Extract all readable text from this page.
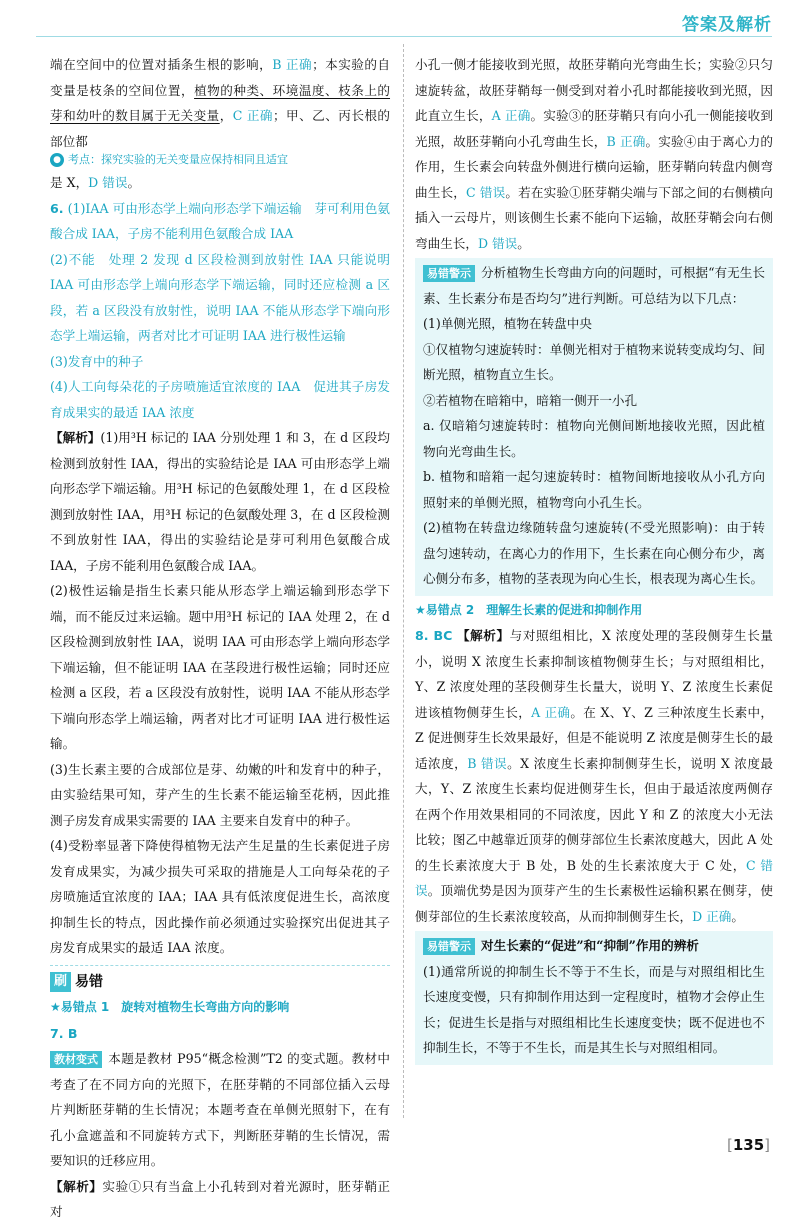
答案及解析

端在空间中的位置对插条生根的影响，B 正确；本实验的自变量是枝条的空间位置，植物的种类、环境温度、枝条上的芽和幼叶的数目属于无关变量，C 正确；甲、乙、丙长根的部位都

● 考点：探究实验的无关变量应保持相同且适宜

是 X，D 错误。

6. (1)IAA 可由形态学上端向形态学下端运输　芽可利用色氨酸合成 IAA，子房不能利用色氨酸合成 IAA

(2)不能　处理 2 发现 d 区段检测到放射性 IAA 只能说明 IAA 可由形态学上端向形态学下端运输，同时还应检测 a 区段，若 a 区段没有放射性，说明 IAA 不能从形态学下端向形态学上端运输，两者对比才可证明 IAA 进行极性运输

(3)发育中的种子

(4)人工向每朵花的子房喷施适宜浓度的 IAA　促进其子房发育成果实的最适 IAA 浓度

【解析】(1)用³H 标记的 IAA 分别处理 1 和 3，在 d 区段均检测到放射性 IAA，得出的实验结论是 IAA 可由形态学上端向形态学下端运输。用³H 标记的色氨酸处理 1，在 d 区段检测到放射性 IAA，用³H 标记的色氨酸处理 3，在 d 区段检测不到放射性 IAA，得出的实验结论是芽可利用色氨酸合成 IAA，子房不能利用色氨酸合成 IAA。

(2)极性运输是指生长素只能从形态学上端运输到形态学下端，而不能反过来运输。题中用³H 标记的 IAA 处理 2，在 d 区段检测到放射性 IAA，说明 IAA 可由形态学上端向形态学下端运输，但不能证明 IAA 在茎段进行极性运输；同时还应检测 a 区段，若 a 区段没有放射性，说明 IAA 不能从形态学下端向形态学上端运输，两者对比才可证明 IAA 进行极性运输。

(3)生长素主要的合成部位是芽、幼嫩的叶和发育中的种子，由实验结果可知，芽产生的生长素不能运输至花柄，因此推测子房发育成果实需要的 IAA 主要来自发育中的种子。

(4)受粉率显著下降使得植物无法产生足量的生长素促进子房发育成果实，为减少损失可采取的措施是人工向每朵花的子房喷施适宜浓度的 IAA；IAA 具有低浓度促进生长，高浓度抑制生长的特点，因此操作前必须通过实验探究出促进其子房发育成果实的最适 IAA 浓度。

刷 易错

★易错点 1　旋转对植物生长弯曲方向的影响

7. B

教材变式 本题是教材 P95“概念检测”T2 的变式题。教材中考查了在不同方向的光照下，在胚芽鞘的不同部位插入云母片判断胚芽鞘的生长情况；本题考查在单侧光照射下，在有孔小盒遮盖和不同旋转方式下，判断胚芽鞘的生长情况，需要知识的迁移应用。

【解析】实验①只有当盒上小孔转到对着光源时，胚芽鞘正对

小孔一侧才能接收到光照，故胚芽鞘向光弯曲生长；实验②只匀速旋转盆，故胚芽鞘每一侧受到对着小孔时都能接收到光照，因此直立生长，A 正确。实验③的胚芽鞘只有向小孔一侧能接收到光照，故胚芽鞘向小孔弯曲生长，B 正确。实验④由于离心力的作用，生长素会向转盘外侧进行横向运输，胚芽鞘向转盘内侧弯曲生长，C 错误。若在实验①胚芽鞘尖端与下部之间的右侧横向插入一云母片，则该侧生长素不能向下运输，故胚芽鞘会向右侧弯曲生长，D 错误。

易错警示 分析植物生长弯曲方向的问题时，可根据“有无生长素、生长素分布是否均匀”进行判断。可总结为以下几点：

(1)单侧光照，植物在转盘中央

①仅植物匀速旋转时：单侧光相对于植物来说转变成均匀、间断光照，植物直立生长。

②若植物在暗箱中，暗箱一侧开一小孔

a. 仅暗箱匀速旋转时：植物向光侧间断地接收光照，因此植物向光弯曲生长。

b. 植物和暗箱一起匀速旋转时：植物间断地接收从小孔方向照射来的单侧光照，植物弯向小孔生长。

(2)植物在转盘边缘随转盘匀速旋转(不受光照影响)：由于转盘匀速转动，在离心力的作用下，生长素在向心侧分布少，离心侧分布多，植物的茎表现为向心生长，根表现为离心生长。

★易错点 2　理解生长素的促进和抑制作用

8. BC 【解析】与对照组相比，X 浓度处理的茎段侧芽生长量小，说明 X 浓度生长素抑制该植物侧芽生长；与对照组相比，Y、Z 浓度处理的茎段侧芽生长量大，说明 Y、Z 浓度生长素促进该植物侧芽生长，A 正确。在 X、Y、Z 三种浓度生长素中，Z 促进侧芽生长效果最好，但是不能说明 Z 浓度是侧芽生长的最适浓度，B 错误。X 浓度生长素抑制侧芽生长，说明 X 浓度最大，Y、Z 浓度生长素均促进侧芽生长，但由于最适浓度两侧存在两个作用效果相同的不同浓度，因此 Y 和 Z 的浓度大小无法比较；图乙中越靠近顶芽的侧芽部位生长素浓度越大，因此 A 处的生长素浓度大于 B 处，B 处的生长素浓度大于 C 处，C 错误。顶端优势是因为顶芽产生的生长素极性运输积累在侧芽，使侧芽部位的生长素浓度较高，从而抑制侧芽生长，D 正确。

易错警示 对生长素的“促进”和“抑制”作用的辨析

(1)通常所说的抑制生长不等于不生长，而是与对照组相比生长速度变慢，只有抑制作用达到一定程度时，植物才会停止生长；促进生长是指与对照组相比生长速度变快；既不促进也不抑制生长，不等于不生长，而是其生长与对照组相同。

[135]
